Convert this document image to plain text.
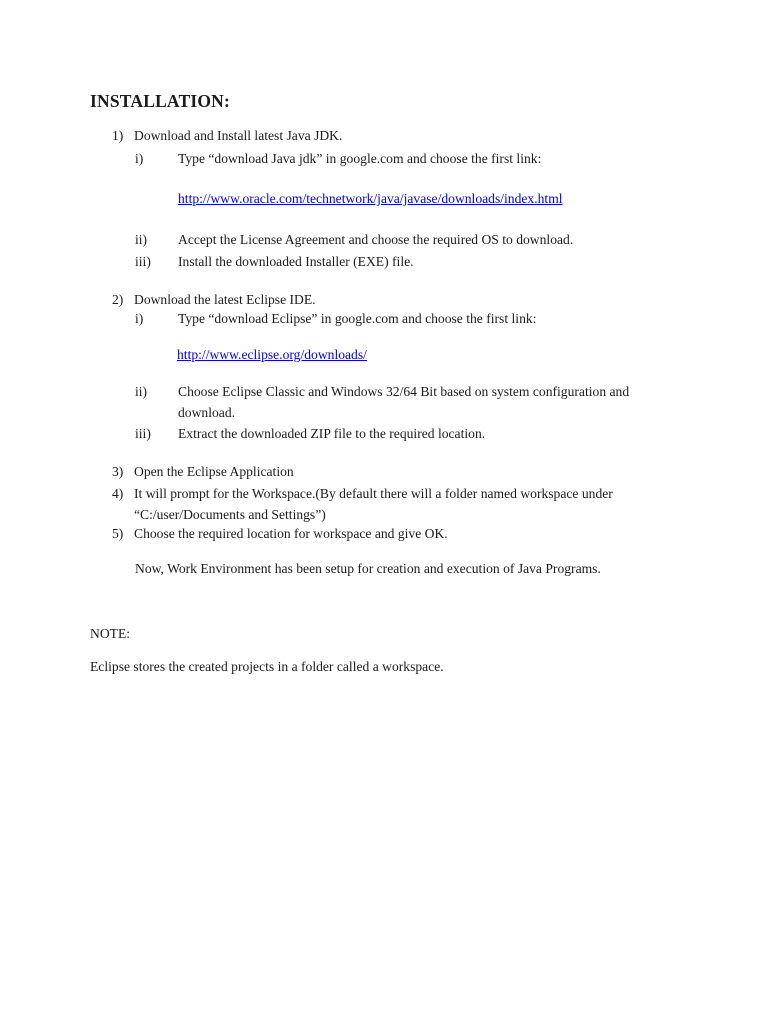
INSTALLATION:
1) Download and Install latest Java JDK.
i)	Type “download Java jdk” in google.com and choose the first link:
http://www.oracle.com/technetwork/java/javase/downloads/index.html
ii)	Accept the License Agreement and choose the required OS to download.
iii)	Install the downloaded Installer (EXE) file.
2) Download the latest Eclipse IDE.
i)	Type “download Eclipse” in google.com and choose the first link:
http://www.eclipse.org/downloads/
ii)	Choose Eclipse Classic and Windows 32/64 Bit based on system configuration and download.
iii)	Extract the downloaded ZIP file to the required location.
3) Open the Eclipse Application
4) It will prompt for the Workspace.(By default there will a folder named workspace under “C:/user/Documents and Settings”)
5) Choose the required location for workspace and give OK.
Now, Work Environment has been setup for creation and execution of Java Programs.
NOTE:
Eclipse stores the created projects in a folder called a workspace.
